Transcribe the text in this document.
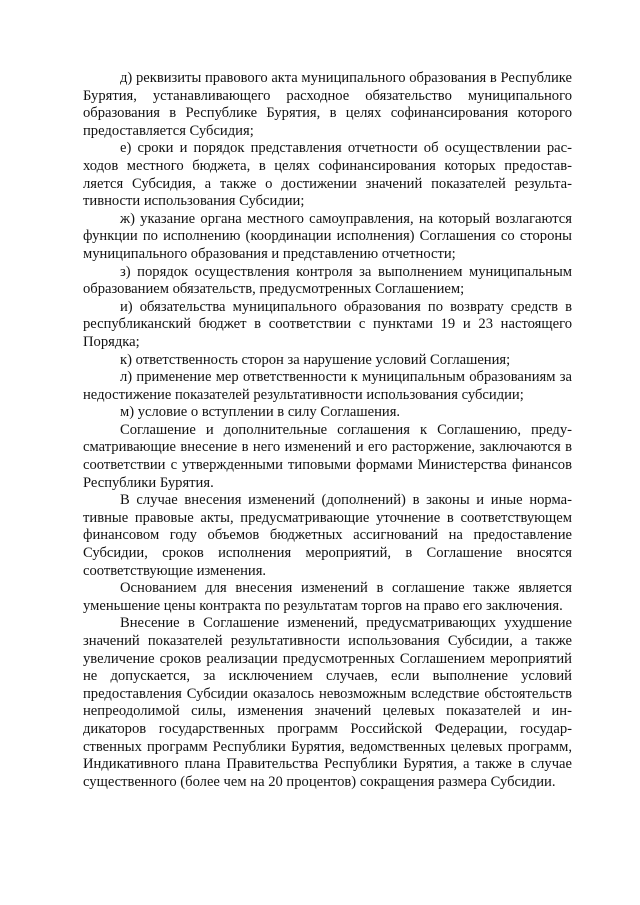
д) реквизиты правового акта муниципального образования в Республике Бурятия, устанавливающего расходное обязательство муниципального образования в Республике Бурятия, в целях софинансирования которого предоставляется Субсидия;

е) сроки и порядок представления отчетности об осуществлении расходов местного бюджета, в целях софинансирования которых предоставляется Субсидия, а также о достижении значений показателей результативности использования Субсидии;

ж) указание органа местного самоуправления, на который возлагаются функции по исполнению (координации исполнения) Соглашения со стороны муниципального образования и представлению отчетности;

з) порядок осуществления контроля за выполнением муниципальным образованием обязательств, предусмотренных Соглашением;

и) обязательства муниципального образования по возврату средств в республиканский бюджет в соответствии с пунктами 19 и 23 настоящего Порядка;

к) ответственность сторон за нарушение условий Соглашения;

л) применение мер ответственности к муниципальным образованиям за недостижение показателей результативности использования субсидии;

м) условие о вступлении в силу Соглашения.

Соглашение и дополнительные соглашения к Соглашению, предусматривающие внесение в него изменений и его расторжение, заключаются в соответствии с утвержденными типовыми формами Министерства финансов Республики Бурятия.

В случае внесения изменений (дополнений) в законы и иные нормативные правовые акты, предусматривающие уточнение в соответствующем финансовом году объемов бюджетных ассигнований на предоставление Субсидии, сроков исполнения мероприятий, в Соглашение вносятся соответствующие изменения.

Основанием для внесения изменений в соглашение также является уменьшение цены контракта по результатам торгов на право его заключения.

Внесение в Соглашение изменений, предусматривающих ухудшение значений показателей результативности использования Субсидии, а также увеличение сроков реализации предусмотренных Соглашением мероприятий не допускается, за исключением случаев, если выполнение условий предоставления Субсидии оказалось невозможным вследствие обстоятельств непреодолимой силы, изменения значений целевых показателей и индикаторов государственных программ Российской Федерации, государственных программ Республики Бурятия, ведомственных целевых программ, Индикативного плана Правительства Республики Бурятия, а также в случае существенного (более чем на 20 процентов) сокращения размера Субсидии.
